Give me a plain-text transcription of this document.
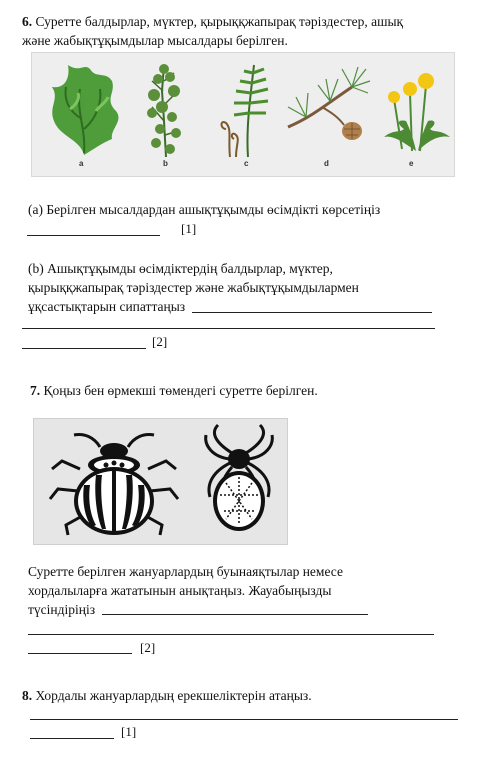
6. Суретте балдырлар, мүктер, қырыққжапырақ тәріздестер, ашық
және жабықтұқымдылар мысалдары берілген.
a	b	c	d	e
(а) Берілген мысалдардан ашықтұқымды өсімдікті көрсетіңіз
[1]
(b) Ашықтұқымды өсімдіктердің балдырлар, мүктер,
қырыққжапырақ тәріздестер және жабықтұқымдылармен
ұқсастықтарын сипаттаңыз
[2]
7. Қоңыз бен өрмекші төмендегі суретте берілген.
Суретте берілген жануарлардың буынаяқтылар немесе
хордалыларға жататынын анықтаңыз. Жауабыңызды
түсіндіріңіз
[2]
8. Хордалы жануарлардың ерекшеліктерін атаңыз.
[1]
